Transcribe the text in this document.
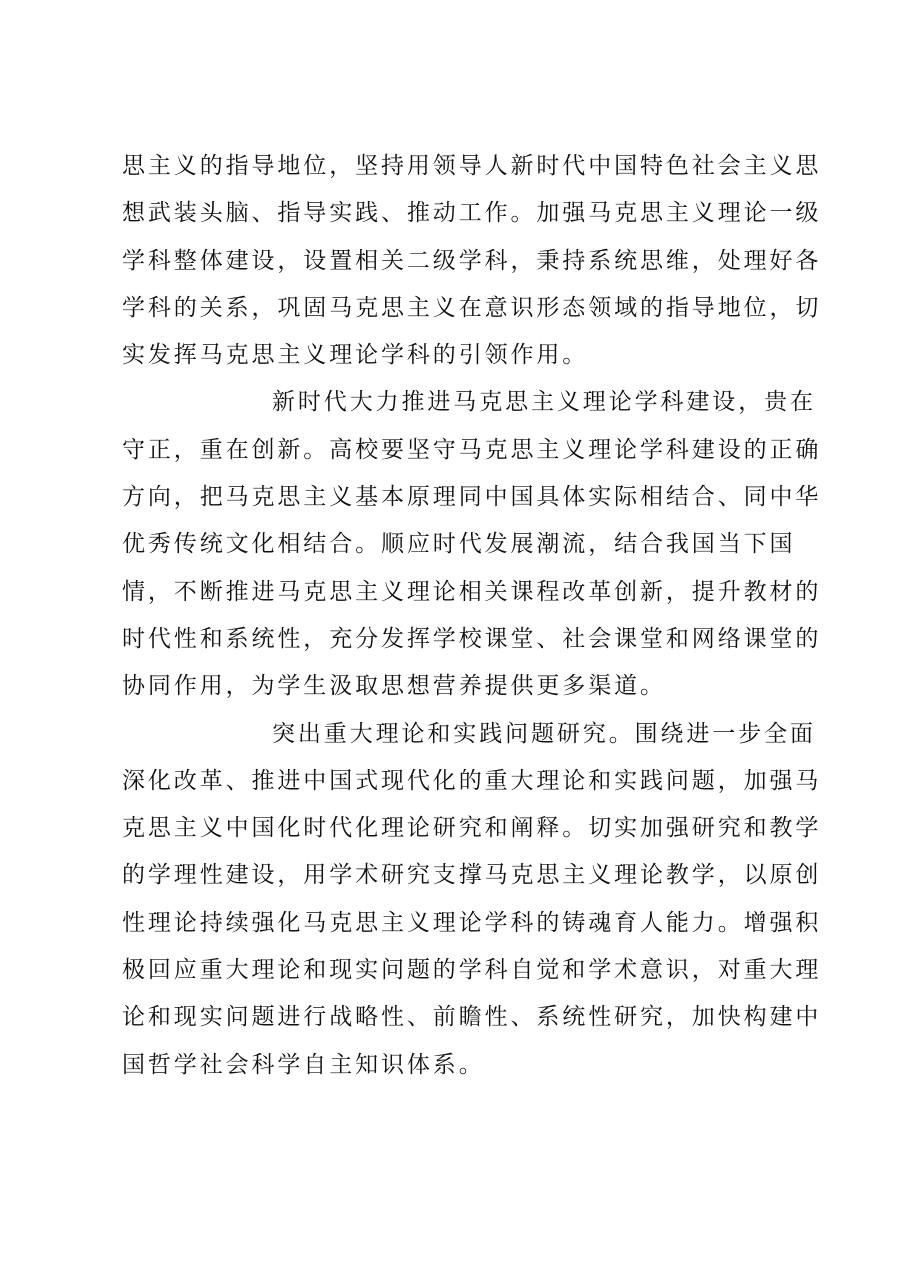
思主义的指导地位，坚持用领导人新时代中国特色社会主义思
想武装头脑、指导实践、推动工作。加强马克思主义理论一级
学科整体建设，设置相关二级学科，秉持系统思维，处理好各
学科的关系，巩固马克思主义在意识形态领域的指导地位，切
实发挥马克思主义理论学科的引领作用。
新时代大力推进马克思主义理论学科建设，贵在
守正，重在创新。高校要坚守马克思主义理论学科建设的正确
方向，把马克思主义基本原理同中国具体实际相结合、同中华
优秀传统文化相结合。顺应时代发展潮流，结合我国当下国
情，不断推进马克思主义理论相关课程改革创新，提升教材的
时代性和系统性，充分发挥学校课堂、社会课堂和网络课堂的
协同作用，为学生汲取思想营养提供更多渠道。
突出重大理论和实践问题研究。围绕进一步全面
深化改革、推进中国式现代化的重大理论和实践问题，加强马
克思主义中国化时代化理论研究和阐释。切实加强研究和教学
的学理性建设，用学术研究支撑马克思主义理论教学，以原创
性理论持续强化马克思主义理论学科的铸魂育人能力。增强积
极回应重大理论和现实问题的学科自觉和学术意识，对重大理
论和现实问题进行战略性、前瞻性、系统性研究，加快构建中
国哲学社会科学自主知识体系。
